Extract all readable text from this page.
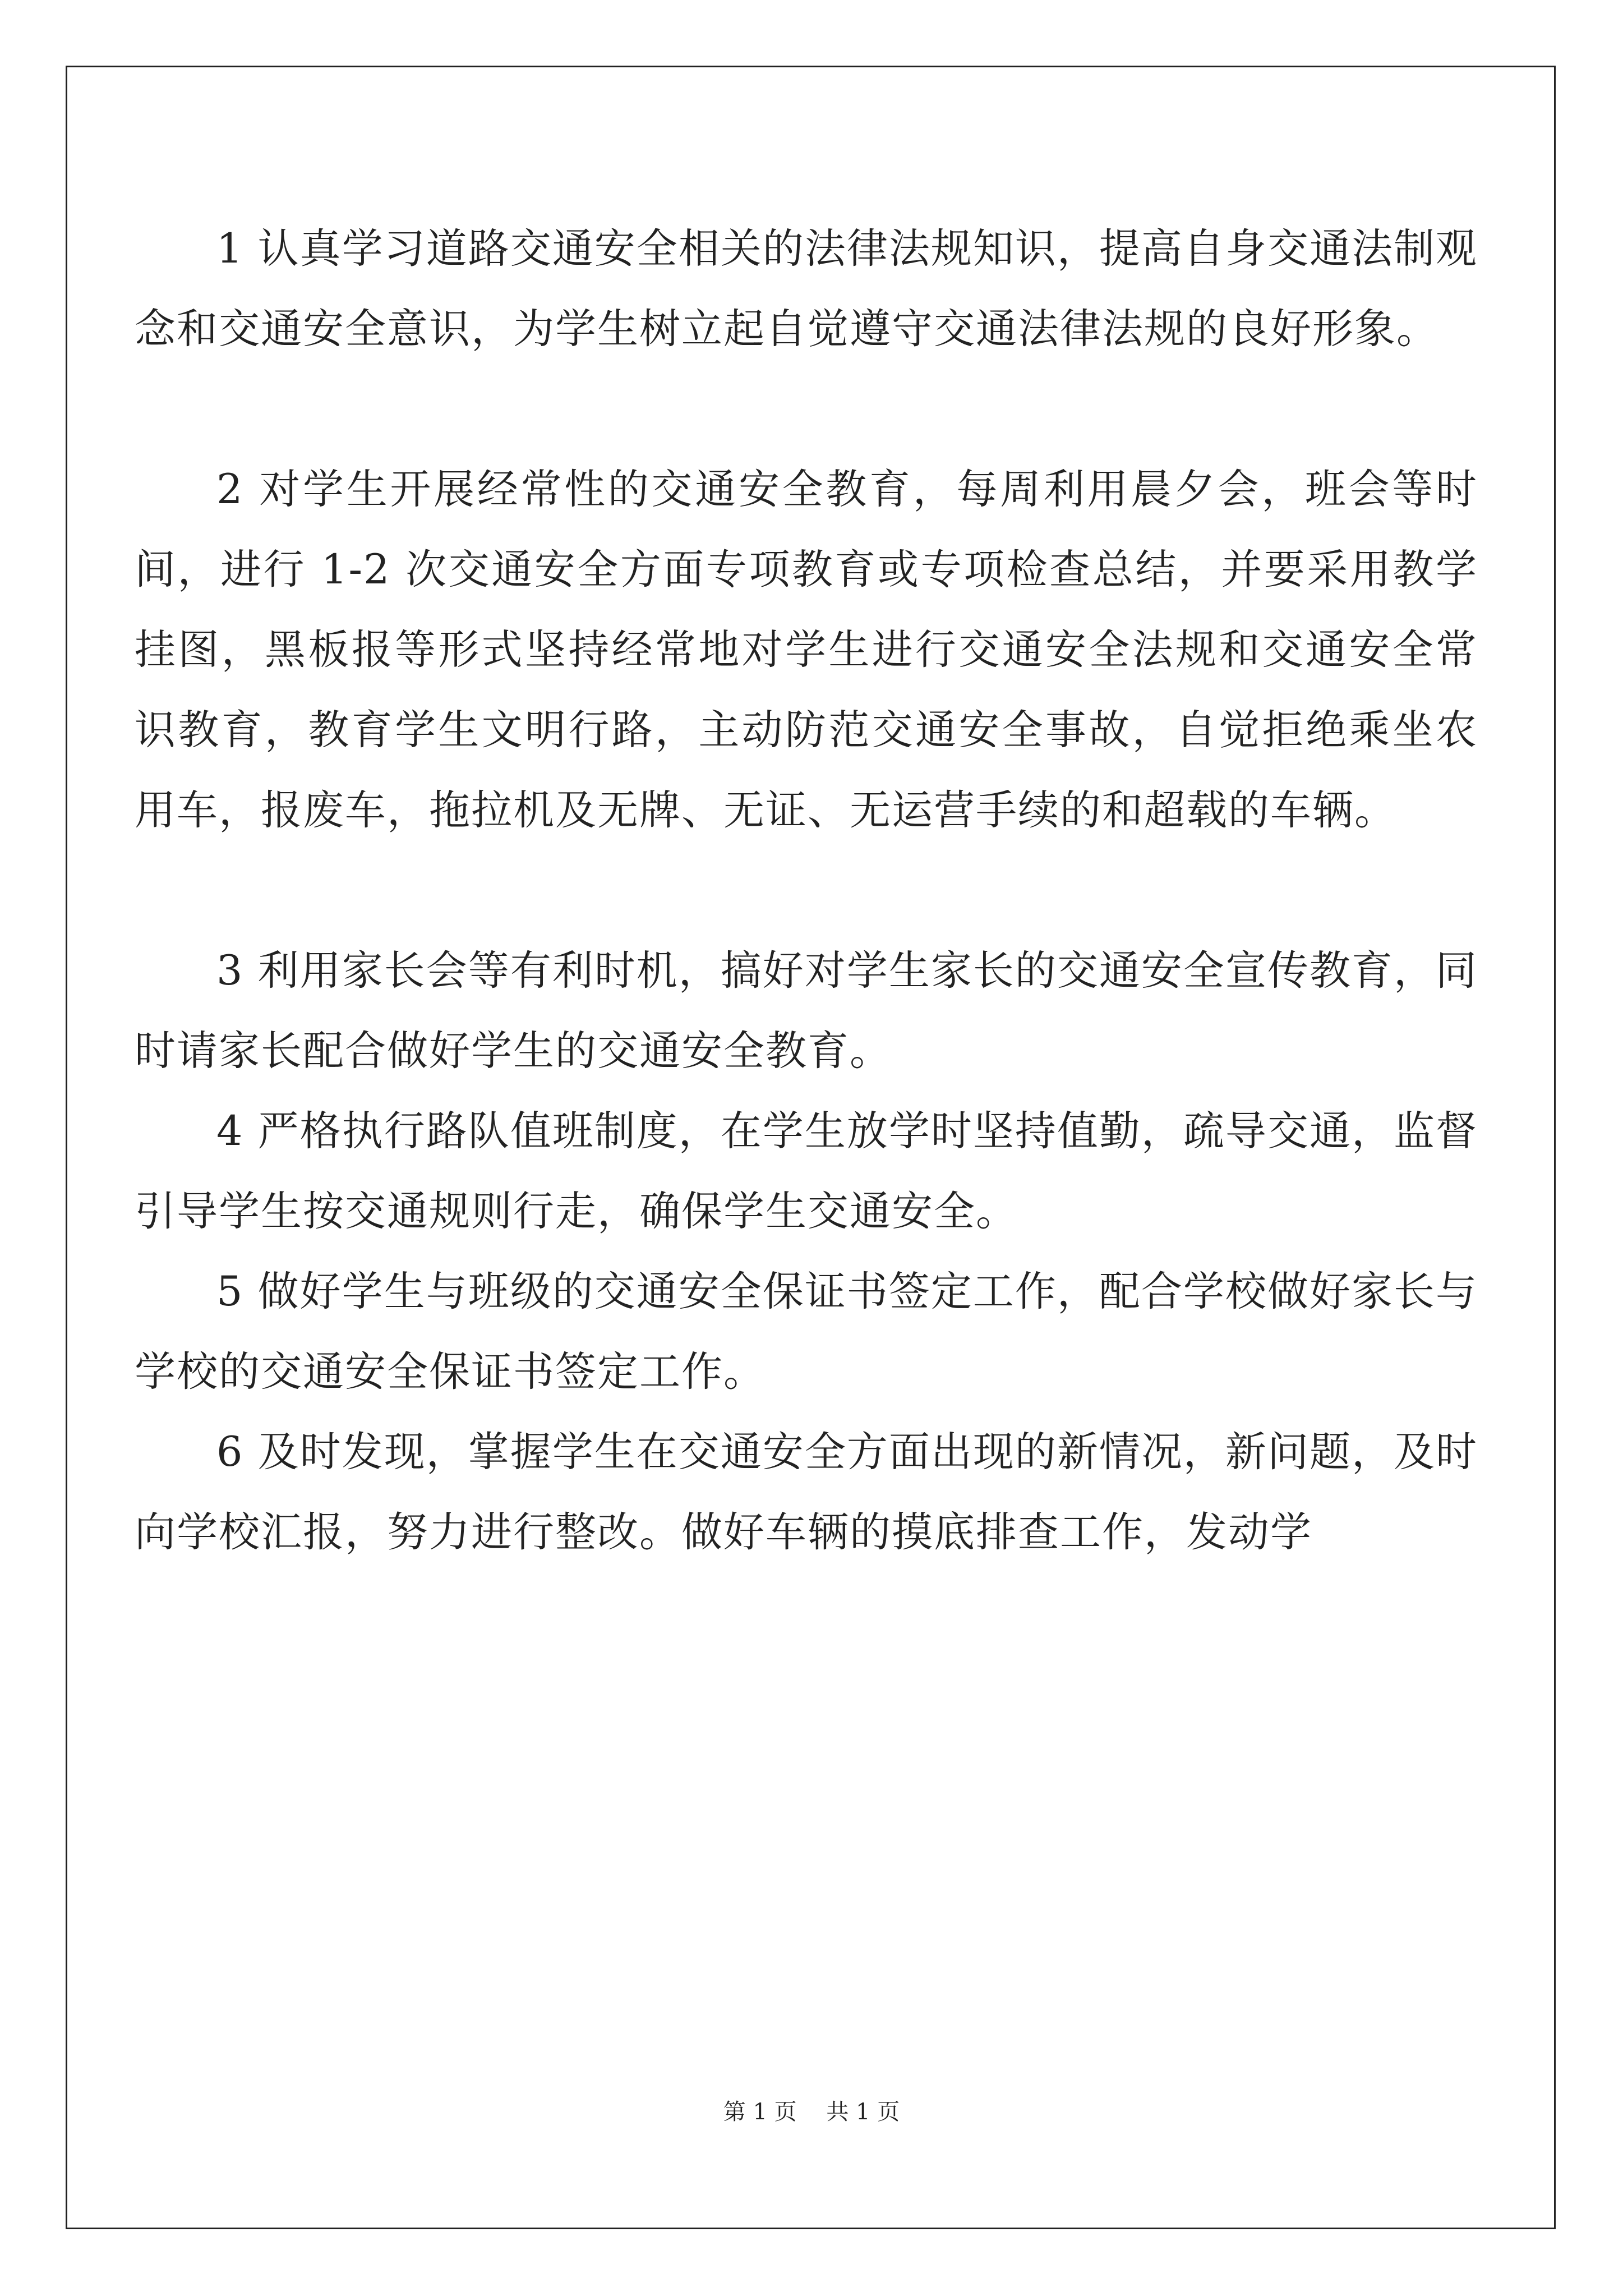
1 认真学习道路交通安全相关的法律法规知识，提高自身交通法制观念和交通安全意识，为学生树立起自觉遵守交通法律法规的良好形象。

2 对学生开展经常性的交通安全教育，每周利用晨夕会，班会等时间，进行 1-2 次交通安全方面专项教育或专项检查总结，并要采用教学挂图，黑板报等形式坚持经常地对学生进行交通安全法规和交通安全常识教育，教育学生文明行路，主动防范交通安全事故，自觉拒绝乘坐农用车，报废车，拖拉机及无牌、无证、无运营手续的和超载的车辆。

3 利用家长会等有利时机，搞好对学生家长的交通安全宣传教育，同时请家长配合做好学生的交通安全教育。

4 严格执行路队值班制度，在学生放学时坚持值勤，疏导交通，监督引导学生按交通规则行走，确保学生交通安全。

5 做好学生与班级的交通安全保证书签定工作，配合学校做好家长与学校的交通安全保证书签定工作。

6 及时发现，掌握学生在交通安全方面出现的新情况，新问题，及时向学校汇报，努力进行整改。做好车辆的摸底排查工作，发动学

第 1 页　 共 1 页
